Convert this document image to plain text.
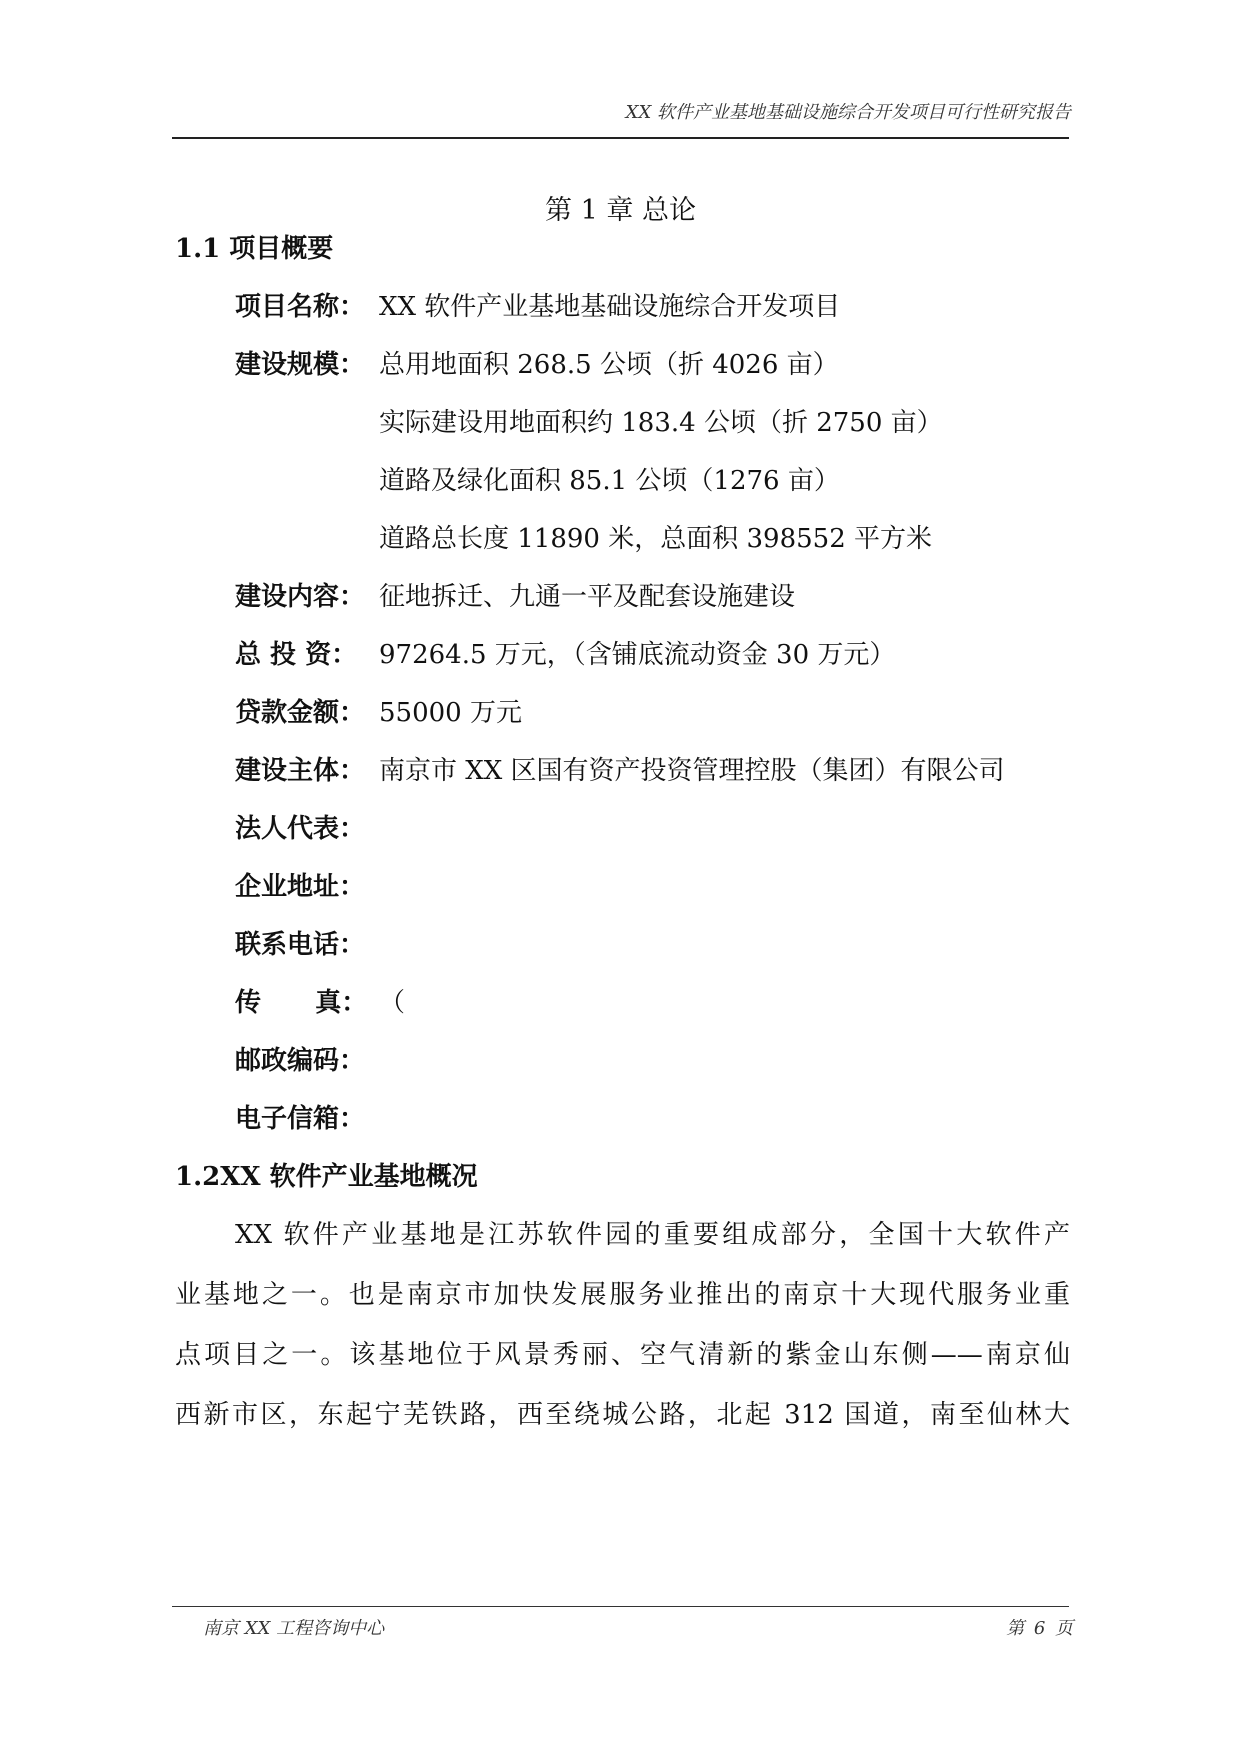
XX 软件产业基地基础设施综合开发项目可行性研究报告
第 1 章 总论
1.1 项目概要
项目名称： XX 软件产业基地基础设施综合开发项目
建设规模： 总用地面积 268.5 公顷（折 4026 亩）
实际建设用地面积约 183.4 公顷（折 2750 亩）
道路及绿化面积 85.1 公顷（1276 亩）
道路总长度 11890 米，总面积 398552 平方米
建设内容： 征地拆迁、九通一平及配套设施建设
总 投 资： 97264.5 万元，（含铺底流动资金 30 万元）
贷款金额： 55000 万元
建设主体： 南京市 XX 区国有资产投资管理控股（集团）有限公司
法人代表：
企业地址：
联系电话：
传      真： （
邮政编码：
电子信箱：
1.2XX 软件产业基地概况
XX 软件产业基地是江苏软件园的重要组成部分，全国十大软件产
业基地之一。也是南京市加快发展服务业推出的南京十大现代服务业重
点项目之一。该基地位于风景秀丽、空气清新的紫金山东侧——南京仙
西新市区，东起宁芜铁路，西至绕城公路，北起 312 国道，南至仙林大
南京 XX 工程咨询中心	第 6 页
